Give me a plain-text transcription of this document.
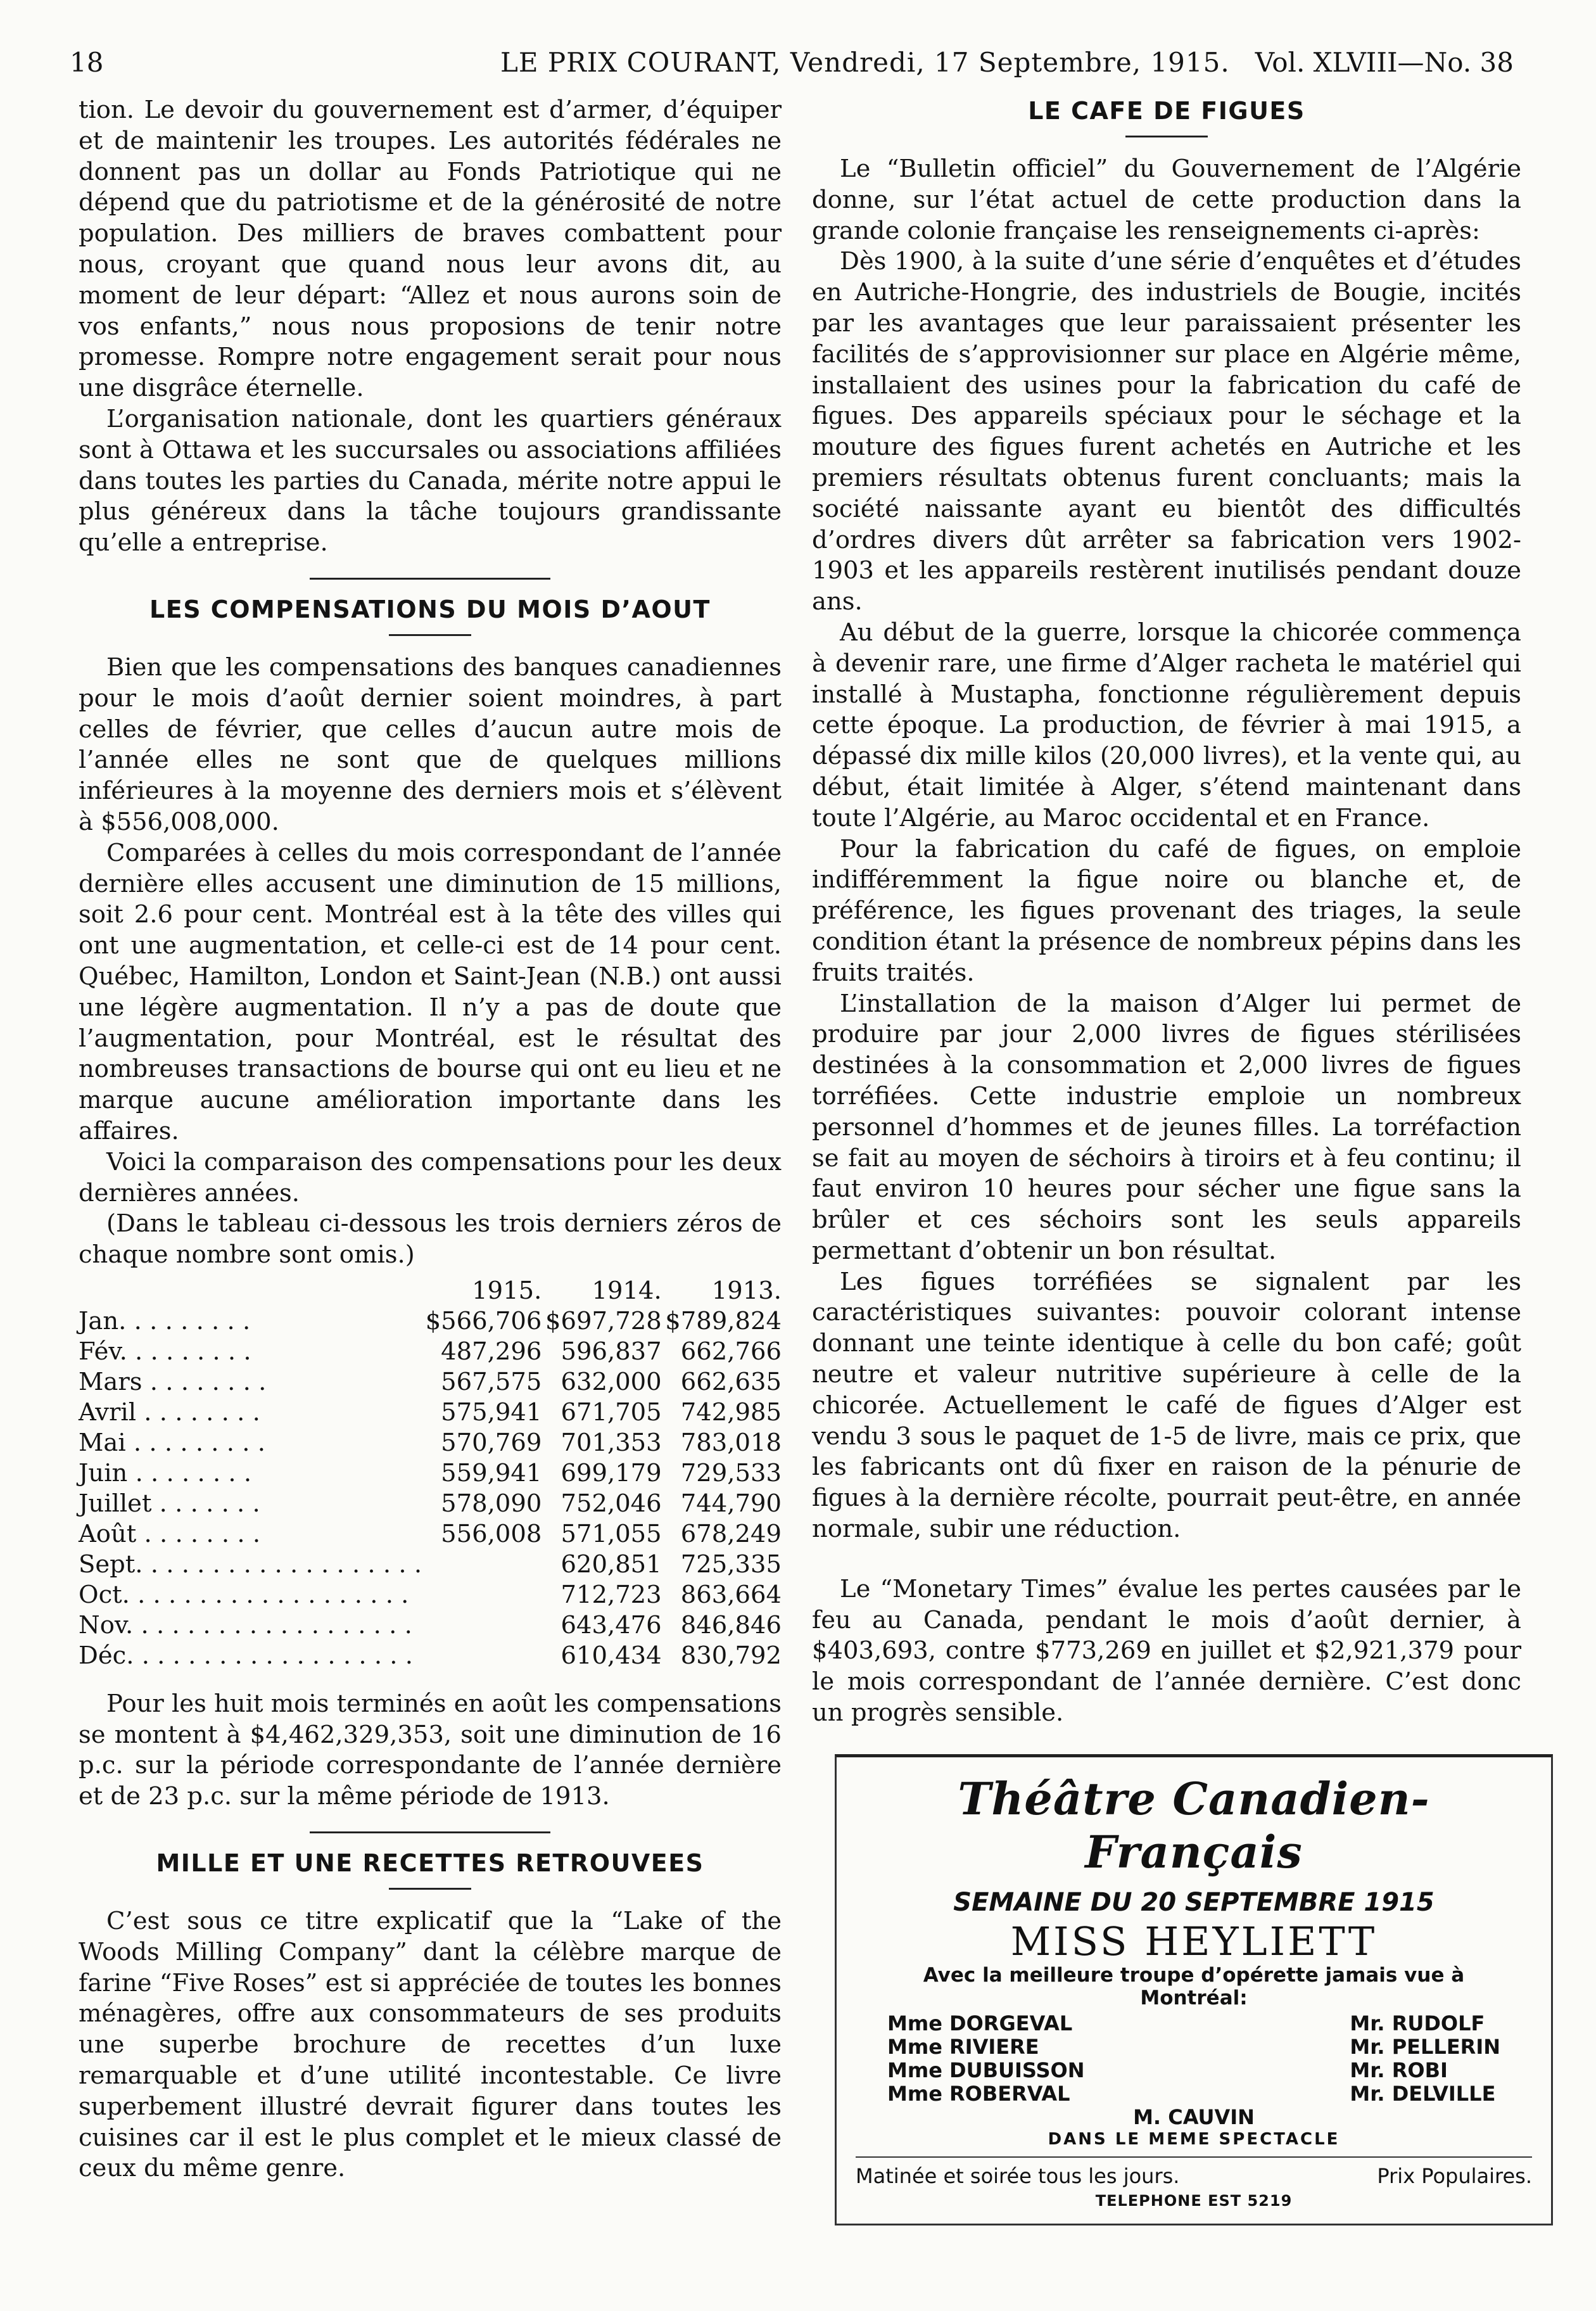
18	LE PRIX COURANT, Vendredi, 17 Septembre, 1915. Vol. XLVIII—No. 38

tion. Le devoir du gouvernement est d’armer, d’équiper et de maintenir les troupes. Les autorités fédérales ne donnent pas un dollar au Fonds Patriotique qui ne dépend que du patriotisme et de la générosité de notre population. Des milliers de braves combattent pour nous, croyant que quand nous leur avons dit, au moment de leur départ: “Allez et nous aurons soin de vos enfants,” nous nous proposions de tenir notre promesse. Rompre notre engagement serait pour nous une disgrâce éternelle.

L’organisation nationale, dont les quartiers généraux sont à Ottawa et les succursales ou associations affiliées dans toutes les parties du Canada, mérite notre appui le plus généreux dans la tâche toujours grandissante qu’elle a entreprise.

LES COMPENSATIONS DU MOIS D’AOUT

Bien que les compensations des banques canadiennes pour le mois d’août dernier soient moindres, à part celles de février, que celles d’aucun autre mois de l’année elles ne sont que de quelques millions inférieures à la moyenne des derniers mois et s’élèvent à $556,008,000.

Comparées à celles du mois correspondant de l’année dernière elles accusent une diminution de 15 millions, soit 2.6 pour cent. Montréal est à la tête des villes qui ont une augmentation, et celle-ci est de 14 pour cent. Québec, Hamilton, London et Saint-Jean (N.B.) ont aussi une légère augmentation. Il n’y a pas de doute que l’augmentation, pour Montréal, est le résultat des nombreuses transactions de bourse qui ont eu lieu et ne marque aucune amélioration importante dans les affaires.

Voici la comparaison des compensations pour les deux dernières années.

(Dans le tableau ci-dessous les trois derniers zéros de chaque nombre sont omis.)

	1915.	1914.	1913.
Jan. . . . . . . . .	$566,706	$697,728	$789,824
Fév. . . . . . . . .	487,296	596,837	662,766
Mars . . . . . . . .	567,575	632,000	662,635
Avril . . . . . . . .	575,941	671,705	742,985
Mai . . . . . . . . .	570,769	701,353	783,018
Juin . . . . . . . .	559,941	699,179	729,533
Juillet . . . . . . .	578,090	752,046	744,790
Août . . . . . . . .	556,008	571,055	678,249
Sept. . . . . . . . . . . . . . . . . . .		620,851	725,335
Oct. . . . . . . . . . . . . . . . . . .		712,723	863,664
Nov. . . . . . . . . . . . . . . . . . .		643,476	846,846
Déc. . . . . . . . . . . . . . . . . . .		610,434	830,792

Pour les huit mois terminés en août les compensations se montent à $4,462,329,353, soit une diminution de 16 p.c. sur la période correspondante de l’année dernière et de 23 p.c. sur la même période de 1913.

MILLE ET UNE RECETTES RETROUVEES

C’est sous ce titre explicatif que la “Lake of the Woods Milling Company” dant la célèbre marque de farine “Five Roses” est si appréciée de toutes les bonnes ménagères, offre aux consommateurs de ses produits une superbe brochure de recettes d’un luxe remarquable et d’une utilité incontestable. Ce livre superbement illustré devrait figurer dans toutes les cuisines car il est le plus complet et le mieux classé de ceux du même genre.

LE CAFE DE FIGUES

Le “Bulletin officiel” du Gouvernement de l’Algérie donne, sur l’état actuel de cette production dans la grande colonie française les renseignements ci-après:

Dès 1900, à la suite d’une série d’enquêtes et d’études en Autriche-Hongrie, des industriels de Bougie, incités par les avantages que leur paraissaient présenter les facilités de s’approvisionner sur place en Algérie même, installaient des usines pour la fabrication du café de figues. Des appareils spéciaux pour le séchage et la mouture des figues furent achetés en Autriche et les premiers résultats obtenus furent concluants; mais la société naissante ayant eu bientôt des difficultés d’ordres divers dût arrêter sa fabrication vers 1902-1903 et les appareils restèrent inutilisés pendant douze ans.

Au début de la guerre, lorsque la chicorée commença à devenir rare, une firme d’Alger racheta le matériel qui installé à Mustapha, fonctionne régulièrement depuis cette époque. La production, de février à mai 1915, a dépassé dix mille kilos (20,000 livres), et la vente qui, au début, était limitée à Alger, s’étend maintenant dans toute l’Algérie, au Maroc occidental et en France.

Pour la fabrication du café de figues, on emploie indifféremment la figue noire ou blanche et, de préférence, les figues provenant des triages, la seule condition étant la présence de nombreux pépins dans les fruits traités.

L’installation de la maison d’Alger lui permet de produire par jour 2,000 livres de figues stérilisées destinées à la consommation et 2,000 livres de figues torréfiées. Cette industrie emploie un nombreux personnel d’hommes et de jeunes filles. La torréfaction se fait au moyen de séchoirs à tiroirs et à feu continu; il faut environ 10 heures pour sécher une figue sans la brûler et ces séchoirs sont les seuls appareils permettant d’obtenir un bon résultat.

Les figues torréfiées se signalent par les caractéristiques suivantes: pouvoir colorant intense donnant une teinte identique à celle du bon café; goût neutre et valeur nutritive supérieure à celle de la chicorée. Actuellement le café de figues d’Alger est vendu 3 sous le paquet de 1-5 de livre, mais ce prix, que les fabricants ont dû fixer en raison de la pénurie de figues à la dernière récolte, pourrait peut-être, en année normale, subir une réduction.

Le “Monetary Times” évalue les pertes causées par le feu au Canada, pendant le mois d’août dernier, à $403,693, contre $773,269 en juillet et $2,921,379 pour le mois correspondant de l’année dernière. C’est donc un progrès sensible.

Théâtre Canadien-Français
SEMAINE DU 20 SEPTEMBRE 1915
MISS HEYLIETT
Avec la meilleure troupe d’opérette jamais vue à
Montréal:
Mme DORGEVAL
Mme RIVIERE
Mme DUBUISSON
Mme ROBERVAL
Mr. RUDOLF
Mr. PELLERIN
Mr. ROBI
Mr. DELVILLE
M. CAUVIN
DANS LE MEME SPECTACLE
Matinée et soirée tous les jours.	Prix Populaires.
TELEPHONE EST 5219
